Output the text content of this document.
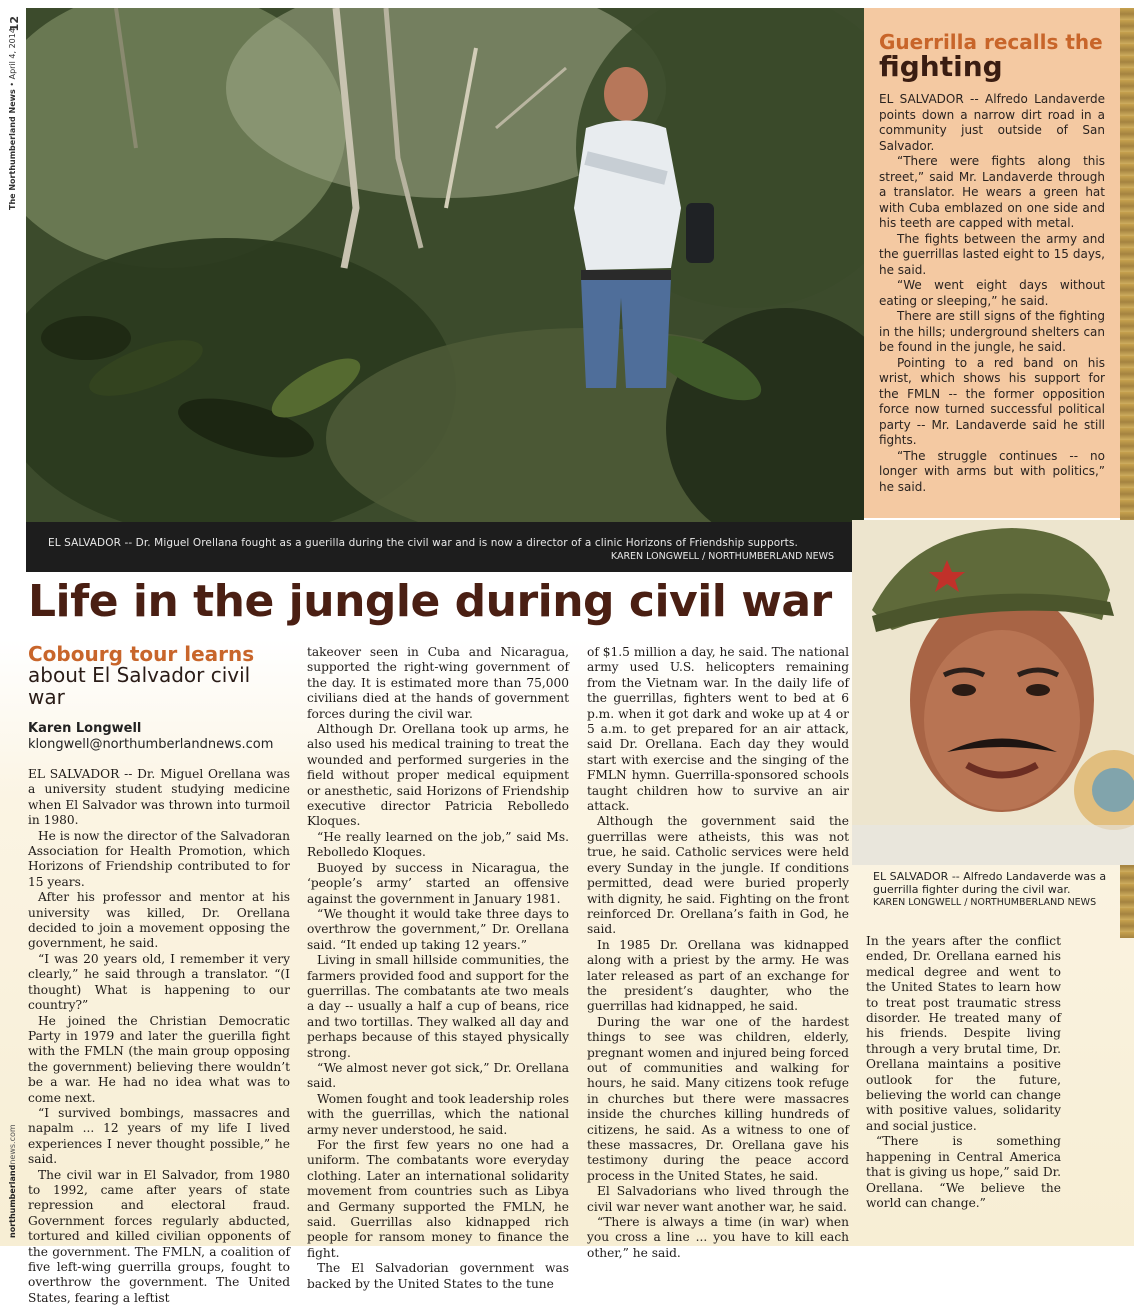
12
The Northumberland News • April 4, 2014
northumberlandnews.com
EL SALVADOR -- Dr. Miguel Orellana fought as a guerilla during the civil war and is now a director of a clinic Horizons of Friendship supports.
KAREN LONGWELL / NORTHUMBERLAND NEWS
Guerrilla recalls the
fighting

EL SALVADOR -- Alfredo Landaverde points down a narrow dirt road in a community just outside of San Salvador.

“There were fights along this street,” said Mr. Landaverde through a translator. He wears a green hat with Cuba emblazed on one side and his teeth are capped with metal.

The fights between the army and the guerrillas lasted eight to 15 days, he said.

“We went eight days without eating or sleeping,” he said.

There are still signs of the fighting in the hills; underground shelters can be found in the jungle, he said.

Pointing to a red band on his wrist, which shows his support for the FMLN -- the former opposition force now turned successful political party -- Mr. Landaverde said he still fights.

“The struggle continues -- no longer with arms but with politics,” he said.

EL SALVADOR -- Alfredo Landaverde was a guerrilla fighter during the civil war.
KAREN LONGWELL / NORTHUMBERLAND NEWS
Life in the jungle during civil war
Cobourg tour learns
about El Salvador civil war
Karen Longwell
klongwell@northumberlandnews.com

EL SALVADOR -- Dr. Miguel Orellana was a university student studying medicine when El Salvador was thrown into turmoil in 1980.

He is now the director of the Salvadoran Association for Health Promotion, which Horizons of Friendship contributed to for 15 years.

After his professor and mentor at his university was killed, Dr. Orellana decided to join a movement opposing the government, he said.

“I was 20 years old, I remember it very clearly,” he said through a translator. “(I thought) What is happening to our country?”

He joined the Christian Democratic Party in 1979 and later the guerilla fight with the FMLN (the main group opposing the government) believing there wouldn’t be a war. He had no idea what was to come next.

“I survived bombings, massacres and napalm ... 12 years of my life I lived experiences I never thought possible,” he said.

The civil war in El Salvador, from 1980 to 1992, came after years of state repression and electoral fraud. Government forces regularly abducted, tortured and killed civilian opponents of the government. The FMLN, a coalition of five left-wing guerrilla groups, fought to overthrow the government. The United States, fearing a leftist

takeover seen in Cuba and Nicaragua, supported the right-wing government of the day. It is estimated more than 75,000 civilians died at the hands of government forces during the civil war.

Although Dr. Orellana took up arms, he also used his medical training to treat the wounded and performed surgeries in the field without proper medical equipment or anesthetic, said Horizons of Friendship executive director Patricia Rebolledo Kloques.

“He really learned on the job,” said Ms. Rebolledo Kloques.

Buoyed by success in Nicaragua, the ‘people’s army’ started an offensive against the government in January 1981.

“We thought it would take three days to overthrow the government,” Dr. Orellana said. “It ended up taking 12 years.”

Living in small hillside communities, the farmers provided food and support for the guerrillas. The combatants ate two meals a day -- usually a half a cup of beans, rice and two tortillas. They walked all day and perhaps because of this stayed physically strong.

“We almost never got sick,” Dr. Orellana said.

Women fought and took leadership roles with the guerrillas, which the national army never understood, he said.

For the first few years no one had a uniform. The combatants wore everyday clothing. Later an international solidarity movement from countries such as Libya and Germany supported the FMLN, he said. Guerrillas also kidnapped rich people for ransom money to finance the fight.

The El Salvadorian government was backed by the United States to the tune

of $1.5 million a day, he said. The national army used U.S. helicopters remaining from the Vietnam war. In the daily life of the guerrillas, fighters went to bed at 6 p.m. when it got dark and woke up at 4 or 5 a.m. to get prepared for an air attack, said Dr. Orellana. Each day they would start with exercise and the singing of the FMLN hymn. Guerrilla-sponsored schools taught children how to survive an air attack.

Although the government said the guerrillas were atheists, this was not true, he said. Catholic services were held every Sunday in the jungle. If conditions permitted, dead were buried properly with dignity, he said. Fighting on the front reinforced Dr. Orellana’s faith in God, he said.

In 1985 Dr. Orellana was kidnapped along with a priest by the army. He was later released as part of an exchange for the president’s daughter, who the guerrillas had kidnapped, he said.

During the war one of the hardest things to see was children, elderly, pregnant women and injured being forced out of communities and walking for hours, he said. Many citizens took refuge in churches but there were massacres inside the churches killing hundreds of citizens, he said. As a witness to one of these massacres, Dr. Orellana gave his testimony during the peace accord process in the United States, he said.

El Salvadorians who lived through the civil war never want another war, he said.

“There is always a time (in war) when you cross a line ... you have to kill each other,” he said.

In the years after the conflict ended, Dr. Orellana earned his medical degree and went to the United States to learn how to treat post traumatic stress disorder. He treated many of his friends. Despite living through a very brutal time, Dr. Orellana maintains a positive outlook for the future, believing the world can change with positive values, solidarity and social justice.

“There is something happening in Central America that is giving us hope,” said Dr. Orellana. “We believe the world can change.”
